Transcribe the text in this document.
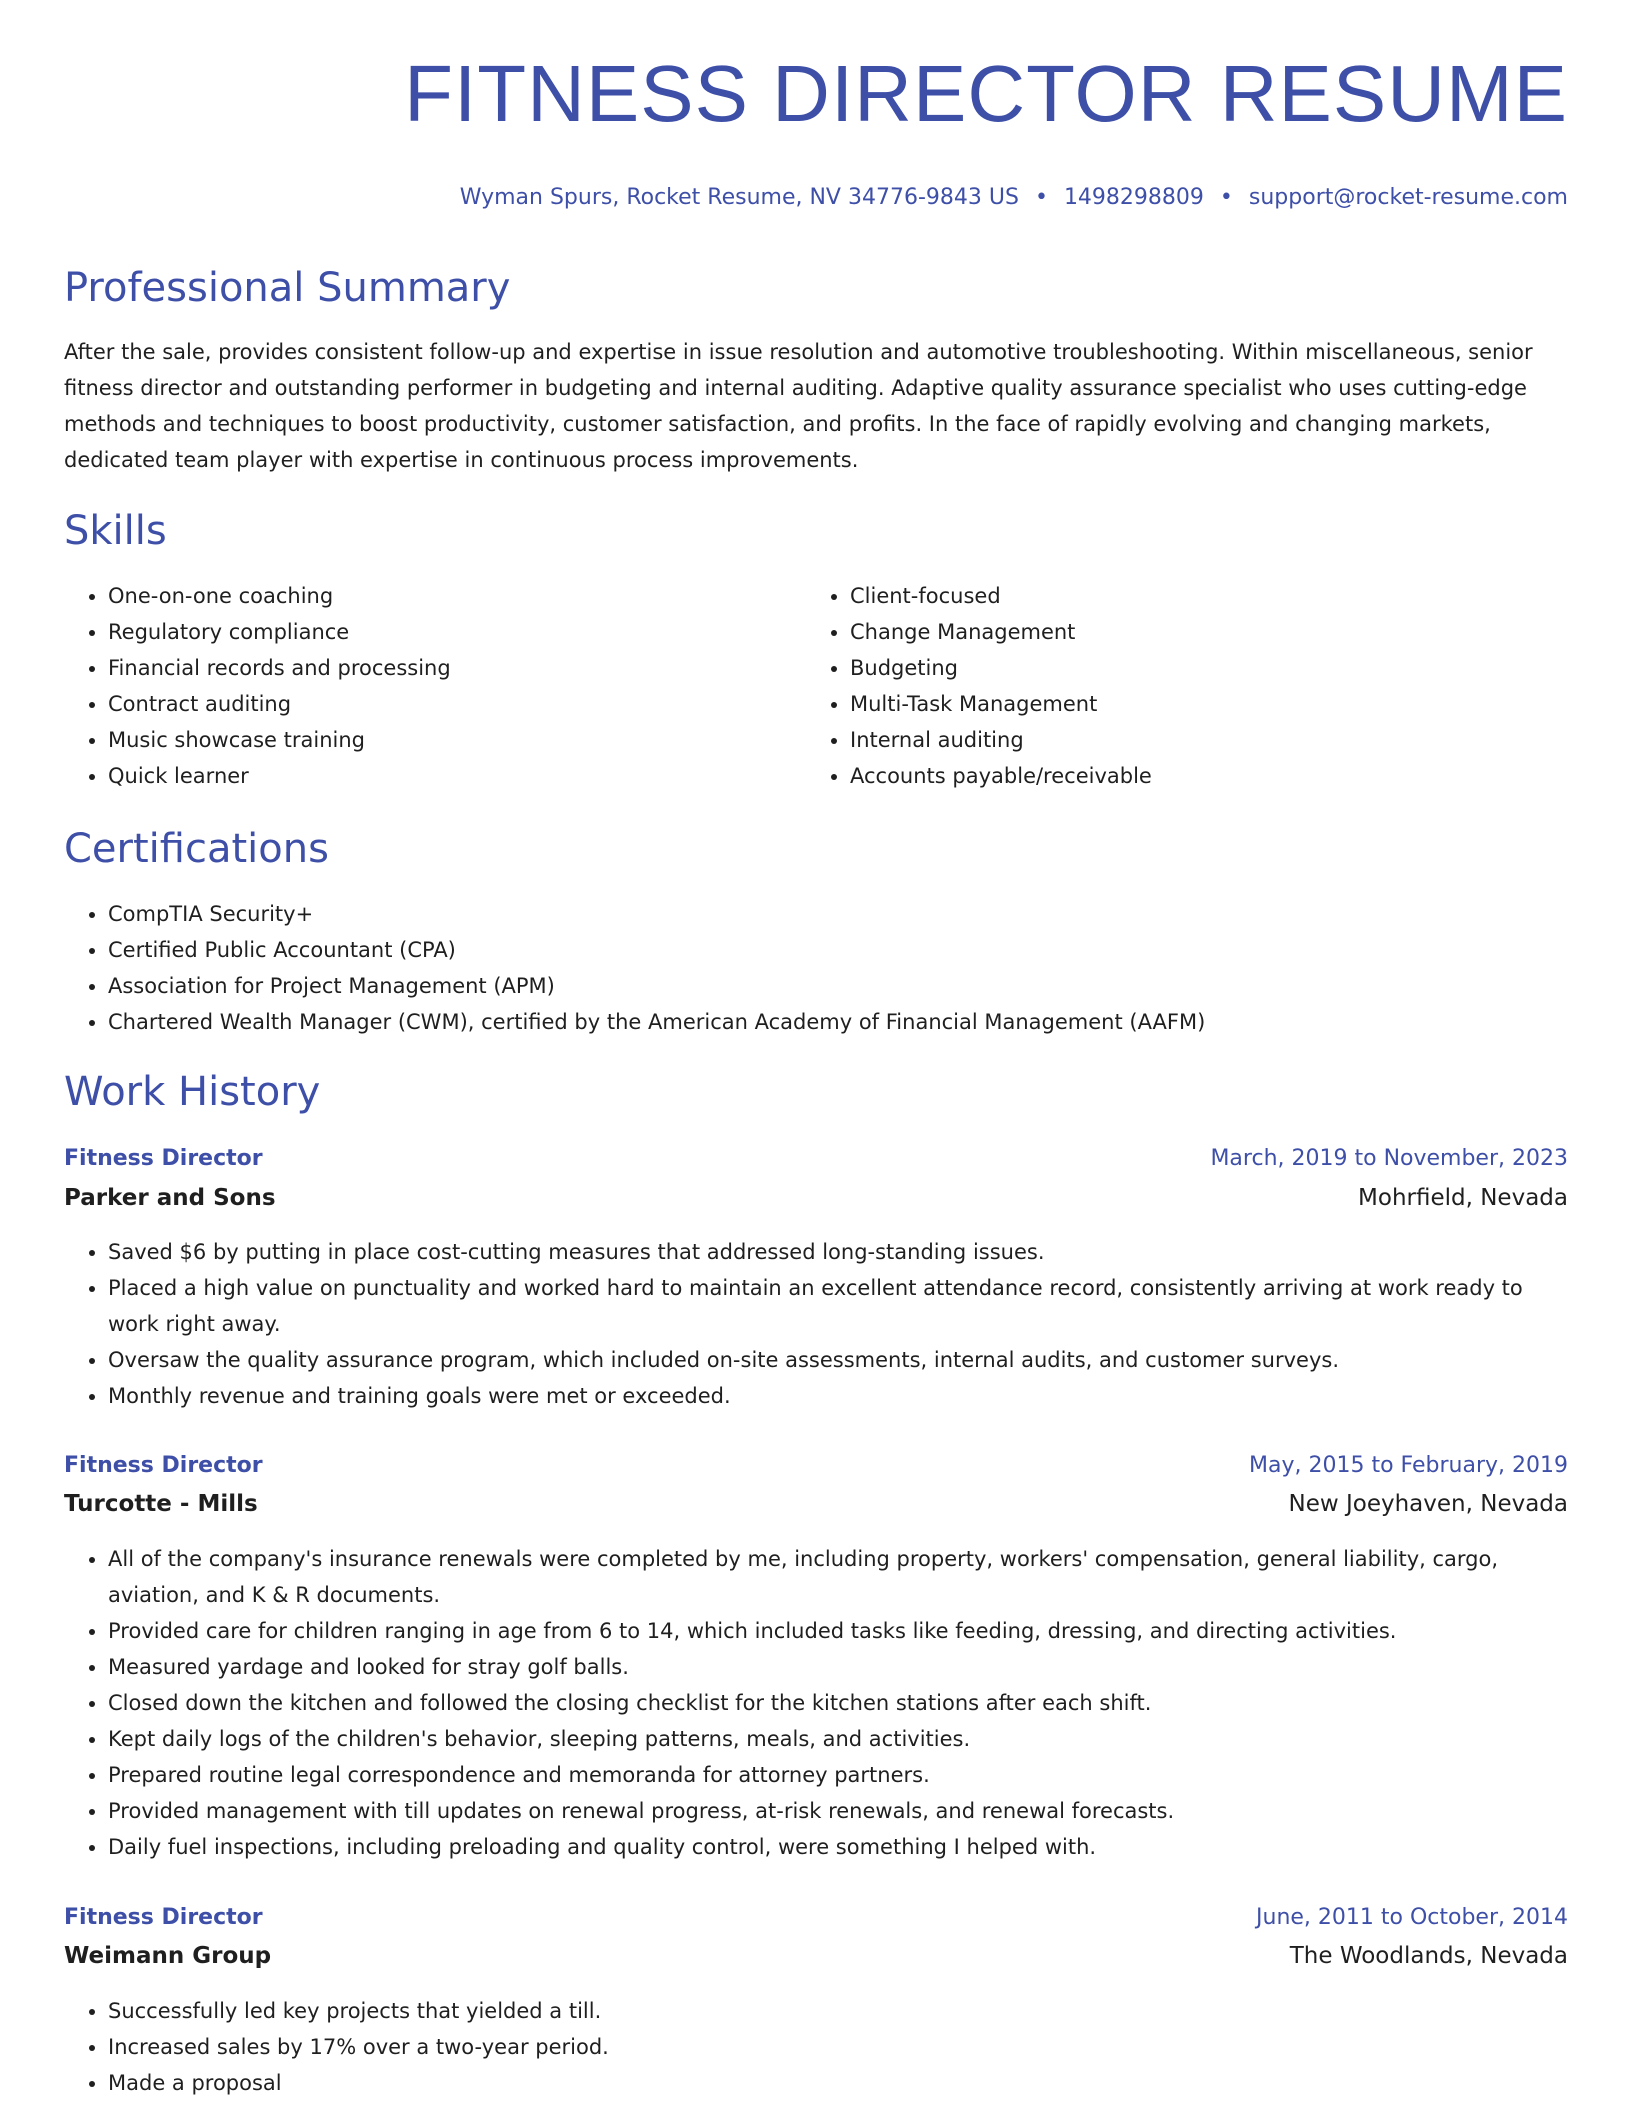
FITNESS DIRECTOR RESUME
Wyman Spurs, Rocket Resume, NV 34776-9843 US • 1498298809 • support@rocket-resume.com
Professional Summary

After the sale, provides consistent follow-up and expertise in issue resolution and automotive troubleshooting. Within miscellaneous, senior fitness director and outstanding performer in budgeting and internal auditing. Adaptive quality assurance specialist who uses cutting-edge methods and techniques to boost productivity, customer satisfaction, and profits. In the face of rapidly evolving and changing markets, dedicated team player with expertise in continuous process improvements.

Skills
• One-on-one coaching
• Regulatory compliance
• Financial records and processing
• Contract auditing
• Music showcase training
• Quick learner
• Client-focused
• Change Management
• Budgeting
• Multi-Task Management
• Internal auditing
• Accounts payable/receivable
Certifications
• CompTIA Security+
• Certified Public Accountant (CPA)
• Association for Project Management (APM)
• Chartered Wealth Manager (CWM), certified by the American Academy of Financial Management (AAFM)
Work History
Fitness Director	March, 2019 to November, 2023
Parker and Sons	Mohrfield, Nevada
• Saved $6 by putting in place cost-cutting measures that addressed long-standing issues.
• Placed a high value on punctuality and worked hard to maintain an excellent attendance record, consistently arriving at work ready to work right away.
• Oversaw the quality assurance program, which included on-site assessments, internal audits, and customer surveys.
• Monthly revenue and training goals were met or exceeded.
Fitness Director	May, 2015 to February, 2019
Turcotte - Mills	New Joeyhaven, Nevada
• All of the company's insurance renewals were completed by me, including property, workers' compensation, general liability, cargo, aviation, and K & R documents.
• Provided care for children ranging in age from 6 to 14, which included tasks like feeding, dressing, and directing activities.
• Measured yardage and looked for stray golf balls.
• Closed down the kitchen and followed the closing checklist for the kitchen stations after each shift.
• Kept daily logs of the children's behavior, sleeping patterns, meals, and activities.
• Prepared routine legal correspondence and memoranda for attorney partners.
• Provided management with till updates on renewal progress, at-risk renewals, and renewal forecasts.
• Daily fuel inspections, including preloading and quality control, were something I helped with.
Fitness Director	June, 2011 to October, 2014
Weimann Group	The Woodlands, Nevada
• Successfully led key projects that yielded a till.
• Increased sales by 17% over a two-year period.
• Made a proposal
